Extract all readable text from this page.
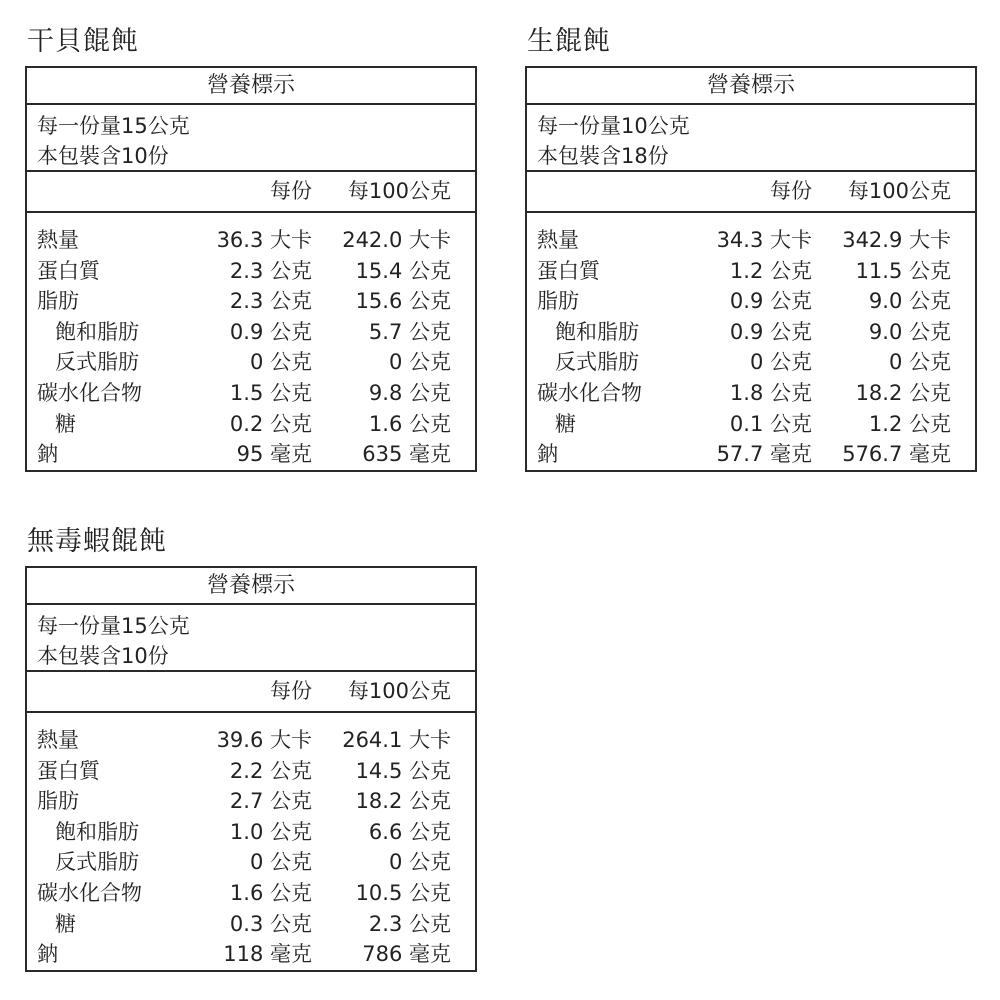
干貝餛飩
營養標示
每一份量15公克
本包裝含10份
每份 每100公克
熱量	36.3 大卡 242.0 大卡
蛋白質	2.3 公克 15.4 公克
脂肪	2.3 公克 15.6 公克
飽和脂肪	0.9 公克	5.7 公克
反式脂肪	0 公克	0 公克
碳水化合物	1.5 公克	9.8 公克
糖	0.2 公克	1.6 公克
鈉	95 毫克 635 毫克
生餛飩
營養標示
每一份量10公克
本包裝含18份
每份 每100公克
熱量	34.3 大卡 342.9 大卡
蛋白質	1.2 公克 11.5 公克
脂肪	0.9 公克	9.0 公克
飽和脂肪	0.9 公克	9.0 公克
反式脂肪	0 公克	0 公克
碳水化合物	1.8 公克 18.2 公克
糖	0.1 公克	1.2 公克
鈉	57.7 毫克 576.7 毫克
無毒蝦餛飩
營養標示
每一份量15公克
本包裝含10份
每份 每100公克
熱量	39.6 大卡 264.1 大卡
蛋白質	2.2 公克 14.5 公克
脂肪	2.7 公克 18.2 公克
飽和脂肪	1.0 公克	6.6 公克
反式脂肪	0 公克	0 公克
碳水化合物	1.6 公克 10.5 公克
糖	0.3 公克	2.3 公克
鈉	118 毫克 786 毫克
